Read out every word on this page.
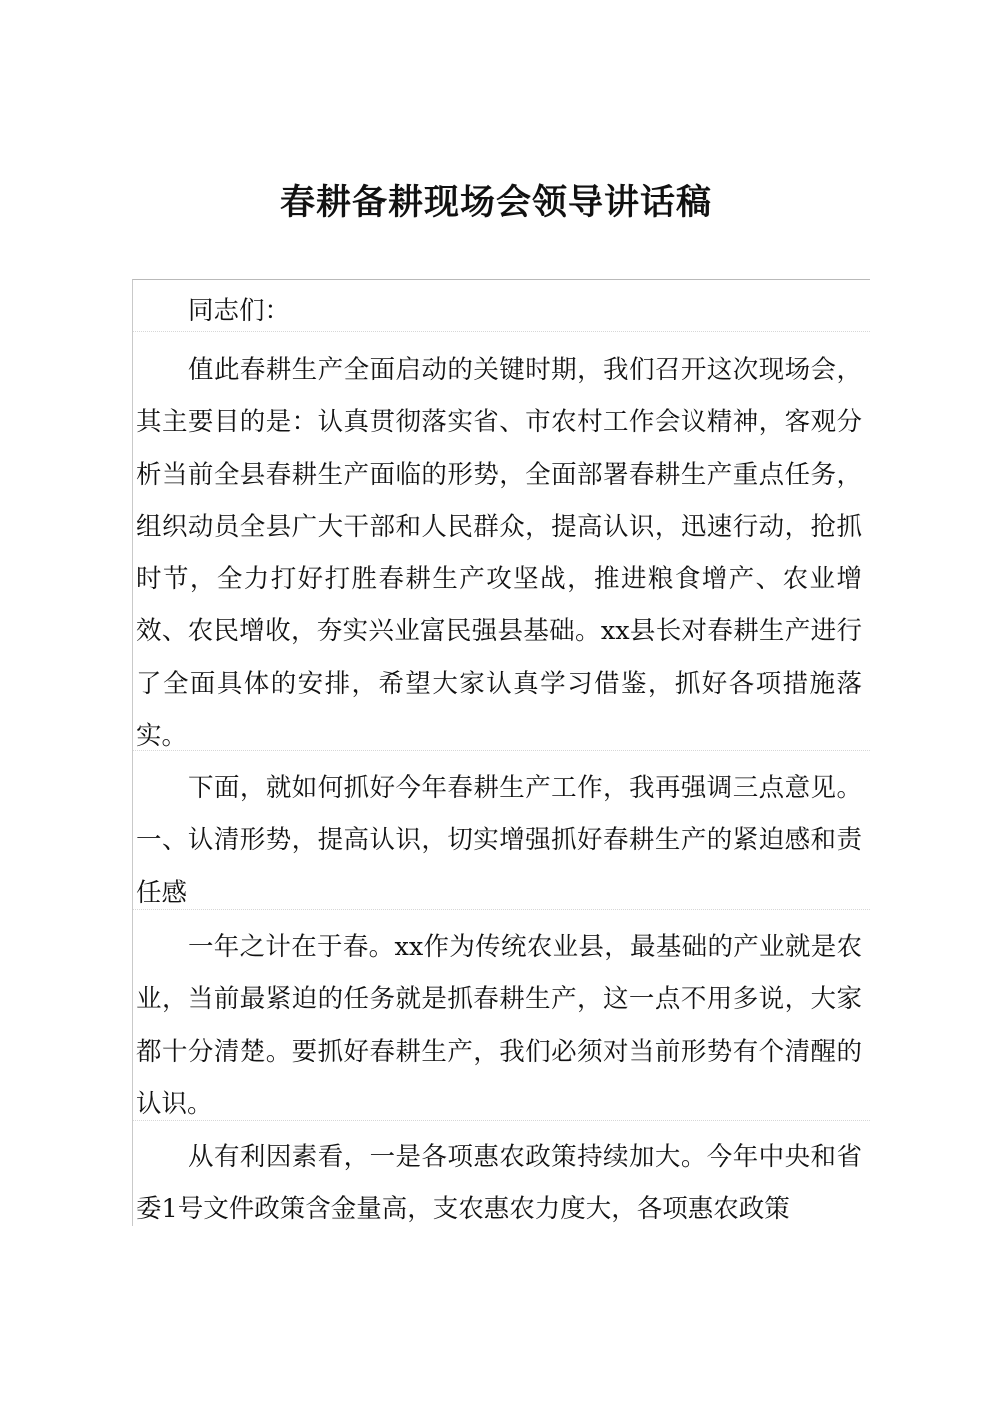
春耕备耕现场会领导讲话稿

同志们：

值此春耕生产全面启动的关键时期，我们召开这次现场会，其主要目的是：认真贯彻落实省、市农村工作会议精神，客观分析当前全县春耕生产面临的形势，全面部署春耕生产重点任务，组织动员全县广大干部和人民群众，提高认识，迅速行动，抢抓时节，全力打好打胜春耕生产攻坚战，推进粮食增产、农业增效、农民增收，夯实兴业富民强县基础。xx县长对春耕生产进行了全面具体的安排，希望大家认真学习借鉴，抓好各项措施落实。

下面，就如何抓好今年春耕生产工作，我再强调三点意见。一、认清形势，提高认识，切实增强抓好春耕生产的紧迫感和责任感

一年之计在于春。xx作为传统农业县，最基础的产业就是农业，当前最紧迫的任务就是抓春耕生产，这一点不用多说，大家都十分清楚。要抓好春耕生产，我们必须对当前形势有个清醒的认识。

从有利因素看，一是各项惠农政策持续加大。今年中央和省委1号文件政策含金量高，支农惠农力度大，各项惠农政策
